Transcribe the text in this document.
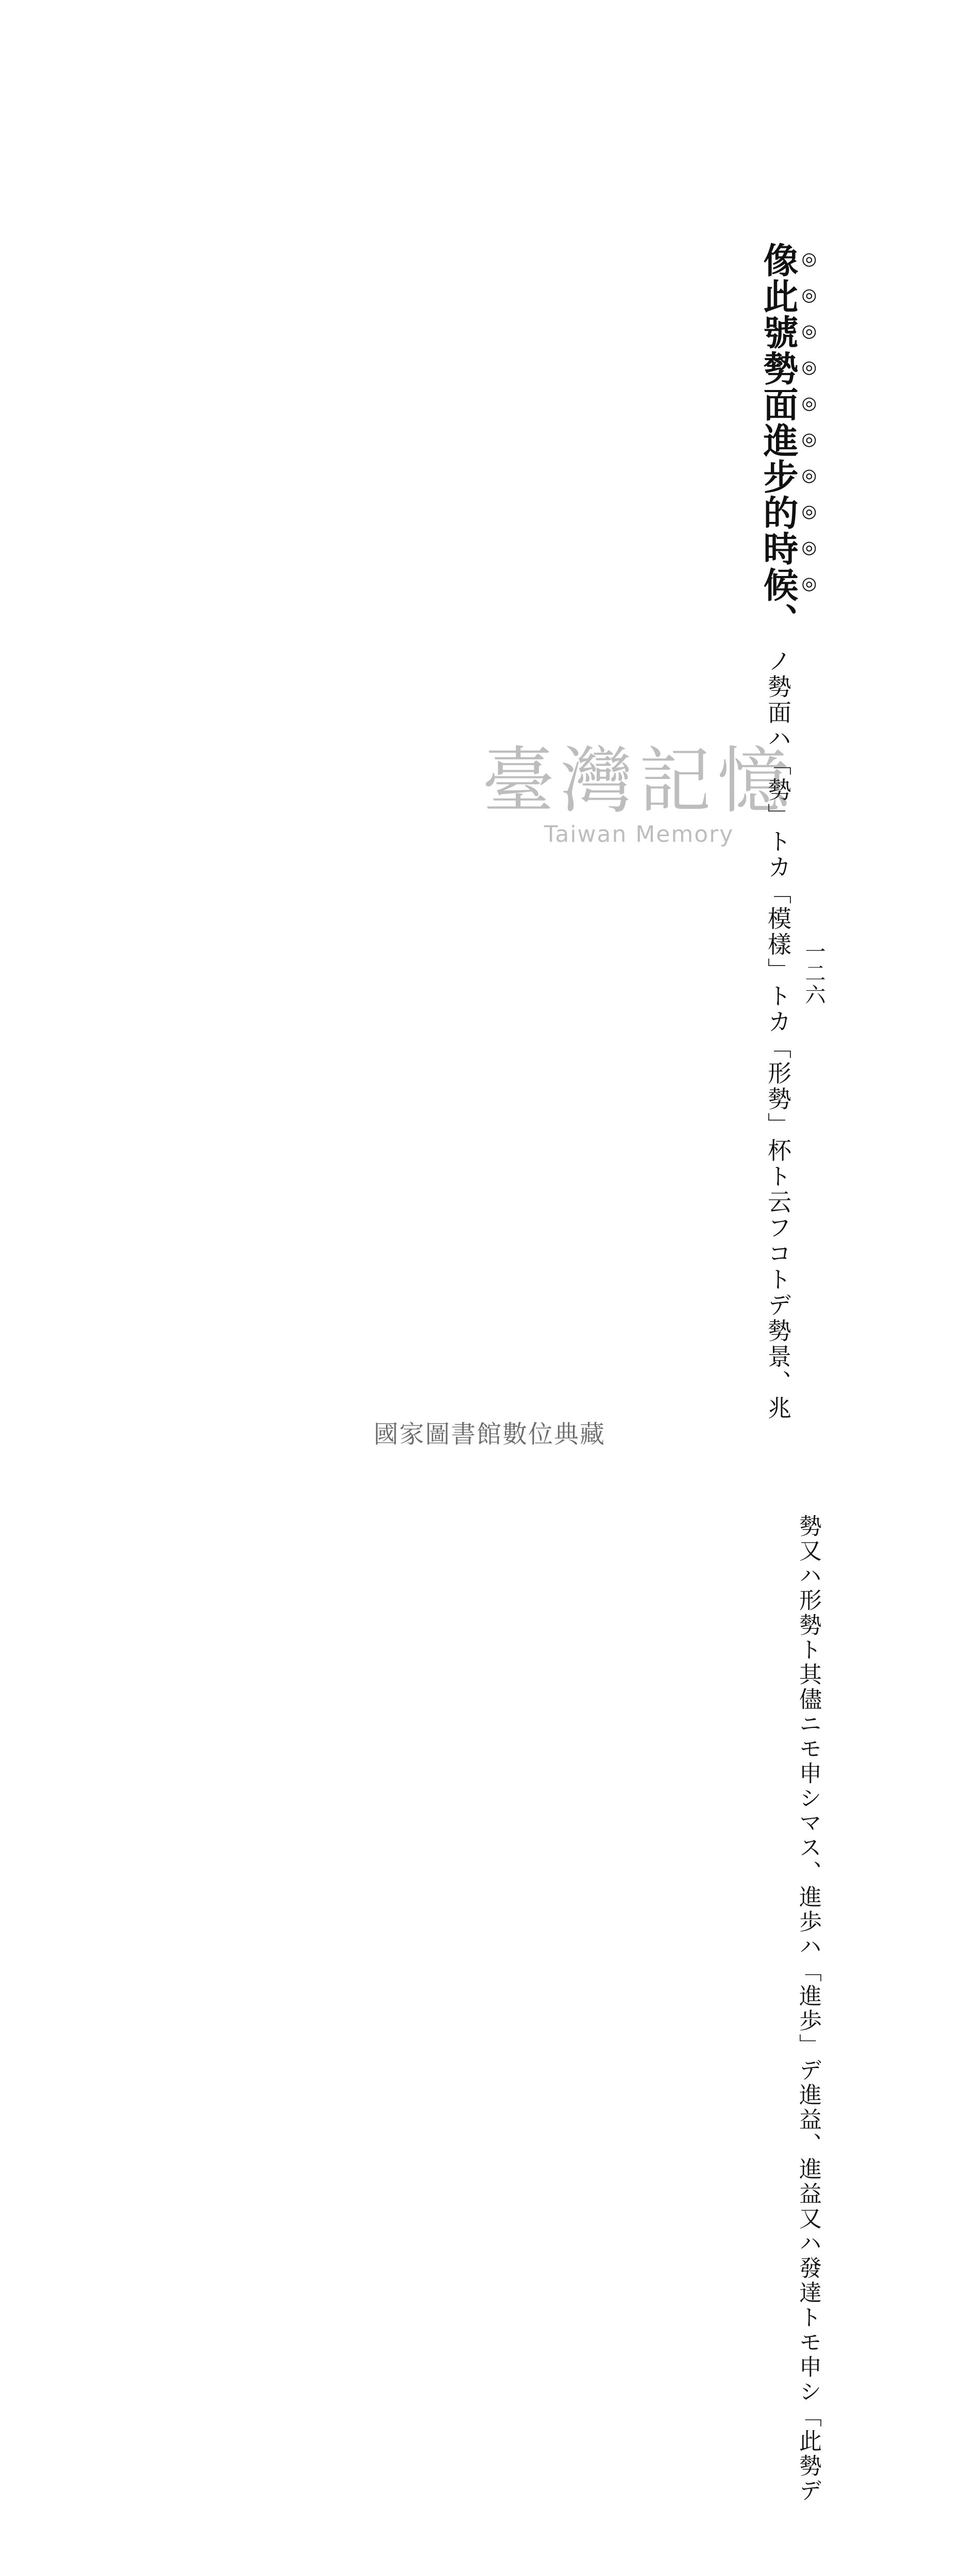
一二六
像此號勢面進步的時候、 ノ勢面ハ「勢」トカ「模樣」トカ「形勢」杯ト云フコトデ勢景、兆
勢又ハ形勢ト其儘ニモ申シマス、進歩ハ「進歩」デ進益、進益又ハ發達トモ申シ「此勢デ
臺灣記憶
Taiwan Memory
國家圖書館數位典藏
